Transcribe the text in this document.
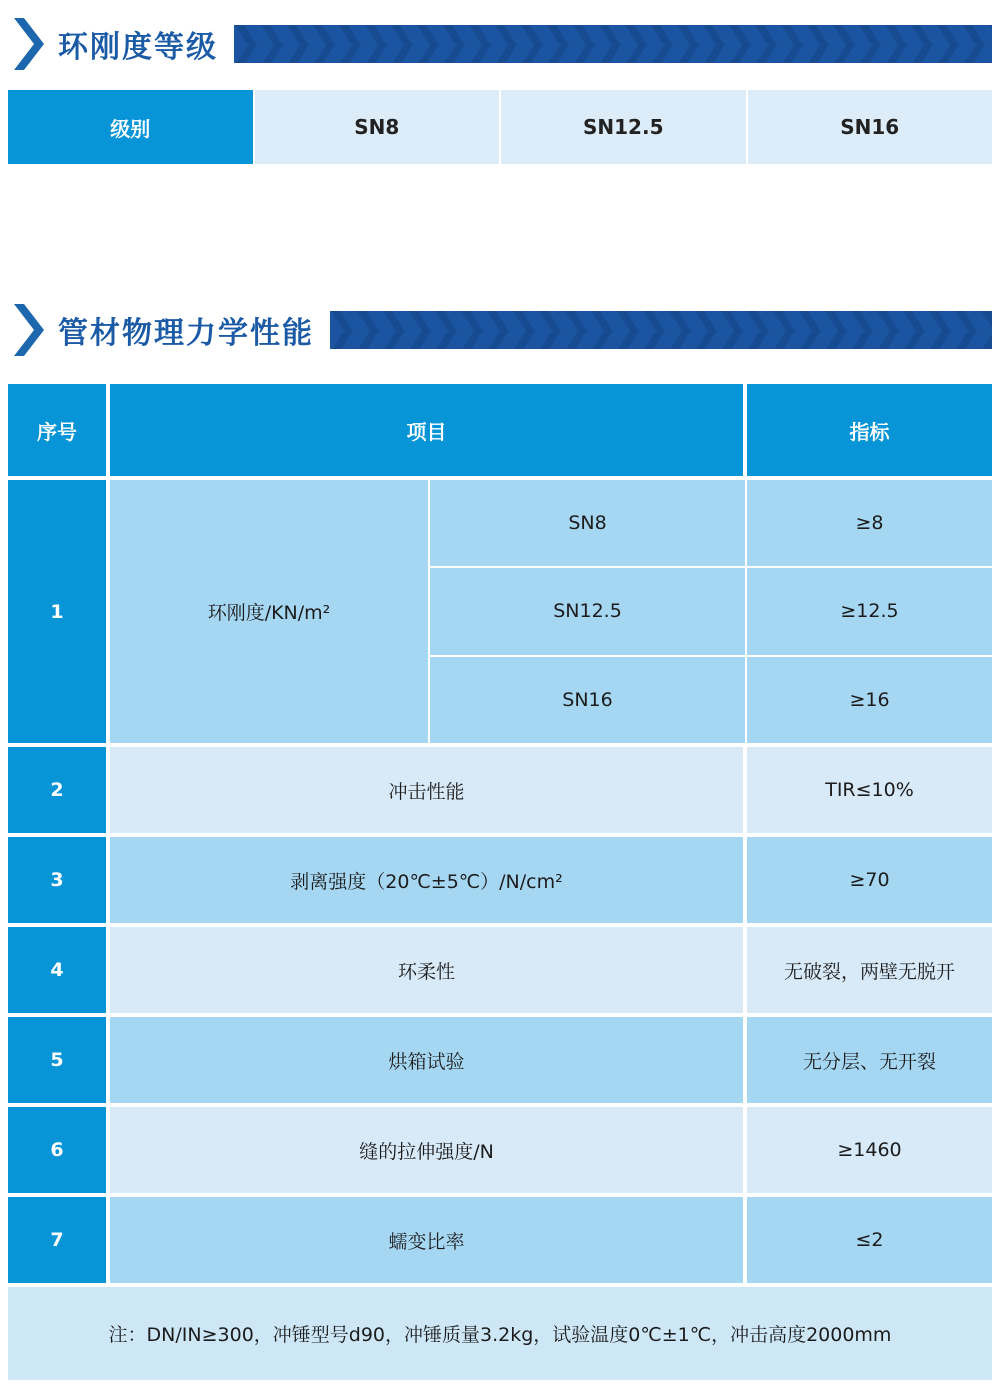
环刚度等级
级别	SN8	SN12.5	SN16
管材物理力学性能
序号	项目	指标
1	环刚度/KN/m²
SN8	≥8
SN12.5	≥12.5
SN16	≥16
2	冲击性能	TIR≤10%
3	剥离强度（20℃±5℃）/N/cm²	≥70
4	环柔性	无破裂，两壁无脱开
5	烘箱试验	无分层、无开裂
6	缝的拉伸强度/N	≥1460
7	蠕变比率	≤2
注：DN/IN≥300，冲锤型号d90，冲锤质量3.2kg，试验温度0℃±1℃，冲击高度2000mm
